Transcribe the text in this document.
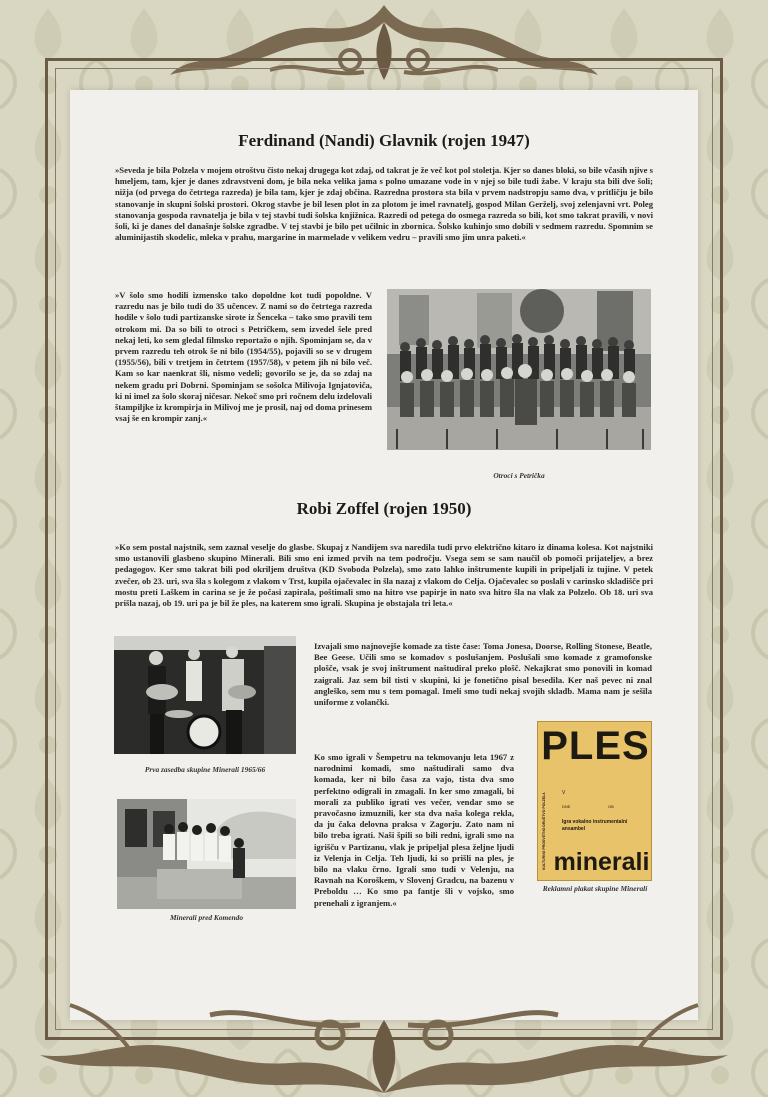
Ferdinand (Nandi) Glavnik (rojen 1947)

»Seveda je bila Polzela v mojem otroštvu čisto nekaj drugega kot zdaj, od takrat je že več kot pol stoletja. Kjer so danes bloki, so bile včasih njive s hmeljem, tam, kjer je danes zdravstveni dom, je bila neka velika jama s polno umazane vode in v njej so bile tudi žabe. V kraju sta bili dve šoli; nižja (od prvega do četrtega razreda) je bila tam, kjer je zdaj občina. Razredna prostora sta bila v prvem nadstropju samo dva, v pritličju je bilo stanovanje in skupni šolski prostori. Okrog stavbe je bil lesen plot in za plotom je imel ravnatelj, gospod Milan Gerželj, svoj zelenjavni vrt. Poleg stanovanja gospoda ravnatelja je bila v tej stavbi tudi šolska knjižnica. Razredi od petega do osmega razreda so bili, kot smo takrat pravili, v novi šoli, ki je danes del današnje šolske zgradbe. V tej stavbi je bilo pet učilnic in zbornica. Šolsko kuhinjo smo dobili v sedmem razredu. Spomnim se aluminijastih skodelic, mleka v prahu, margarine in marmelade v velikem vedru – pravili smo jim unra paketi.«

»V šolo smo hodili izmensko tako dopoldne kot tudi popoldne. V razredu nas je bilo tudi do 35 učencev. Z nami so do četrtega razreda hodile v šolo tudi partizanske sirote iz Šenceka – tako smo pravili tem otrokom mi. Da so bili to otroci s Petričkem, sem izvedel šele pred nekaj leti, ko sem gledal filmsko reportažo o njih. Spominjam se, da v prvem razredu teh otrok še ni bilo (1954/55), pojavili so se v drugem (1955/56), bili v tretjem in četrtem (1957/58), v petem jih ni bilo več. Kam so kar naenkrat šli, nismo vedeli; govorilo se je, da so zdaj na nekem gradu pri Dobrni. Spominjam se sošolca Milivoja Ignjatoviča, ki ni imel za šolo skoraj ničesar. Nekoč smo pri ročnem delu izdelovali štampiljke iz krompirja in Milivoj me je prosil, naj od doma prinesem vsaj še en krompir zanj.«

Otroci s Petrička

Robi Zoffel (rojen 1950)

»Ko sem postal najstnik, sem zaznal veselje do glasbe. Skupaj z Nandijem sva naredila tudi prvo električno kitaro iz dinama kolesa. Kot najstniki smo ustanovili glasbeno skupino Minerali. Bili smo eni izmed prvih na tem področju. Vsega sem se sam naučil ob pomoči prijateljev, a brez pedagogov. Ker smo takrat bili pod okriljem društva (KD Svoboda Polzela), smo zato lahko inštrumente kupili in pripeljali iz tujine. V petek zvečer, ob 23. uri, sva šla s kolegom z vlakom v Trst, kupila ojačevalec in šla nazaj z vlakom do Celja. Ojačevalec so poslali v carinsko skladišče pri mostu preti Laškem in carina se je že počasi zapirala, poštimali smo na hitro vse papirje in nato sva hitro šla na vlak za Polzelo. Ob 18. uri sva prišla nazaj, ob 19. uri pa je bil že ples, na katerem smo igrali. Skupina je obstajala tri leta.«

Prva zasedba skupine Minerali 1965/66

Izvajali smo najnovejše komade za tiste čase: Toma Jonesa, Doorse, Rolling Stonese, Beatle, Bee Geese. Učili smo se komadov s poslušanjem. Poslušali smo komade z gramofonske plošče, vsak je svoj inštrument naštudiral preko plošč. Nekajkrat smo ponovili in komad zaigrali. Jaz sem bil tisti v skupini, ki je fonetično pisal besedila. Ker naš pevec ni znal angleško, sem mu s tem pomagal. Imeli smo tudi nekaj svojih skladb. Mama nam je sešila uniforme z volančki.

Minerali pred Komendo

Ko smo igrali v Šempetru na tekmovanju leta 1967 z narodnimi komadi, smo naštudirali samo dva komada, ker ni bilo časa za vajo, tista dva smo perfektno odigrali in zmagali. In ker smo zmagali, bi morali za publiko igrati ves večer, vendar smo se pravočasno izmuznili, ker sta dva naša kolega rekla, da ju čaka delovna praksa v Zagorju. Zato nam ni bilo treba igrati. Naši špili so bili redni, igrali smo na igrišču v Partizanu, vlak je pripeljal plesa željne ljudi iz Velenja in Celja. Teh ljudi, ki so prišli na ples, je bilo na vlaku črno. Igrali smo tudi v Velenju, na Ravnah na Koroškem, v Slovenj Gradcu, na bazenu v Preboldu … Ko smo pa fantje šli v vojsko, smo prenehali z igranjem.«

PLES
KULTURNO PROSVETNO DRUŠTVO POLZELA	V
DNE	OB
Igra vokalno instrumentalni ansambel
minerali

Reklamni plakat skupine Minerali
